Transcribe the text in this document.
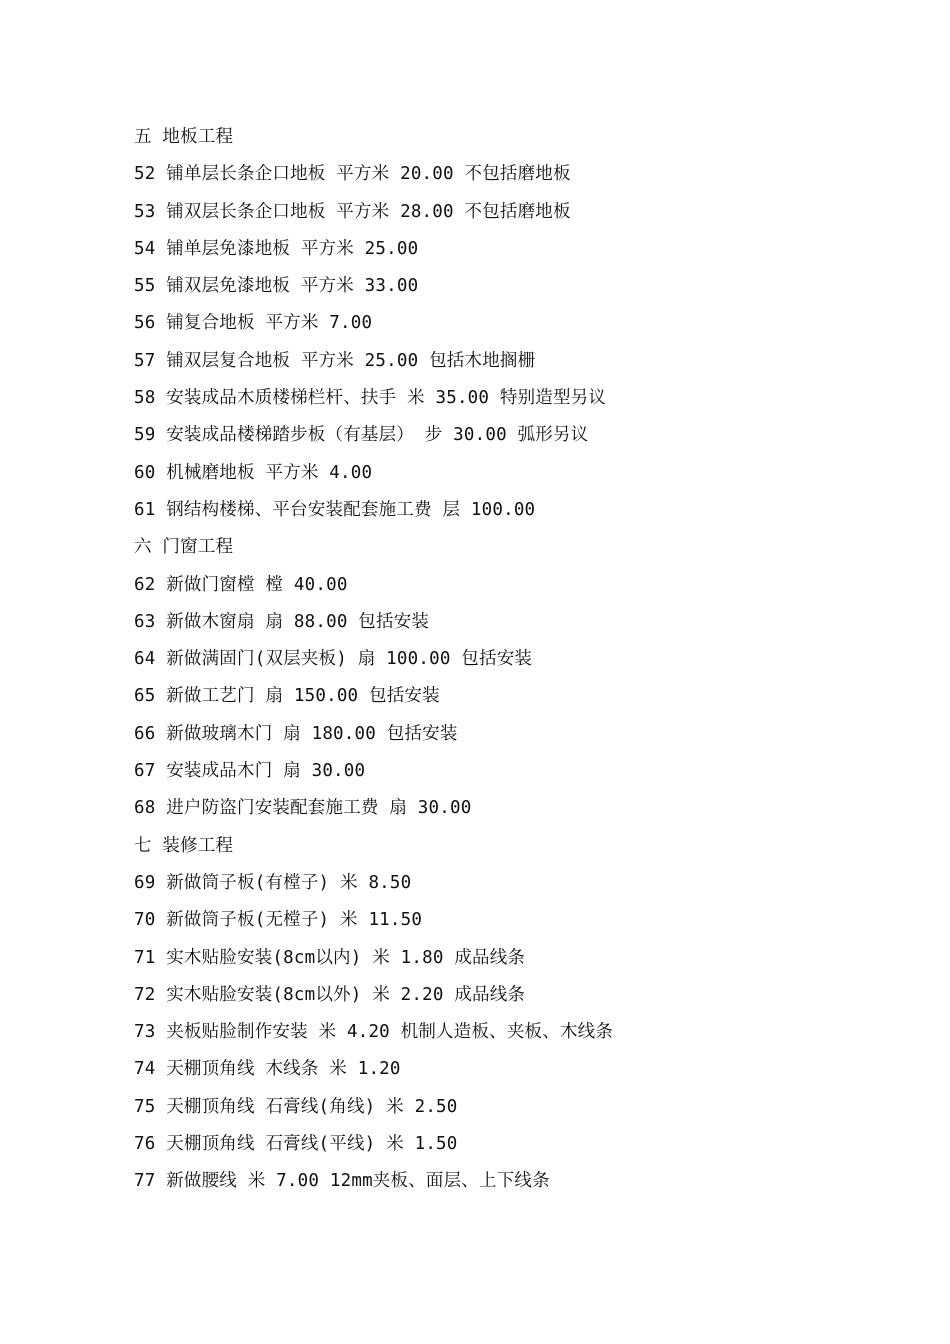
五 地板工程
52 铺单层长条企口地板 平方米 20.00 不包括磨地板
53 铺双层长条企口地板 平方米 28.00 不包括磨地板
54 铺单层免漆地板 平方米 25.00
55 铺双层免漆地板 平方米 33.00
56 铺复合地板 平方米 7.00
57 铺双层复合地板 平方米 25.00 包括木地搁栅
58 安装成品木质楼梯栏杆、扶手 米 35.00 特别造型另议
59 安装成品楼梯踏步板（有基层） 步 30.00 弧形另议
60 机械磨地板 平方米 4.00
61 钢结构楼梯、平台安装配套施工费 层 100.00
六 门窗工程
62 新做门窗樘 樘 40.00
63 新做木窗扇 扇 88.00 包括安装
64 新做满固门(双层夹板) 扇 100.00 包括安装
65 新做工艺门 扇 150.00 包括安装
66 新做玻璃木门 扇 180.00 包括安装
67 安装成品木门 扇 30.00
68 进户防盗门安装配套施工费 扇 30.00
七 装修工程
69 新做筒子板(有樘子) 米 8.50
70 新做筒子板(无樘子) 米 11.50
71 实木贴脸安装(8cm以内) 米 1.80 成品线条
72 实木贴脸安装(8cm以外) 米 2.20 成品线条
73 夹板贴脸制作安装 米 4.20 机制人造板、夹板、木线条
74 天棚顶角线 木线条 米 1.20
75 天棚顶角线 石膏线(角线) 米 2.50
76 天棚顶角线 石膏线(平线) 米 1.50
77 新做腰线 米 7.00 12mm夹板、面层、上下线条
